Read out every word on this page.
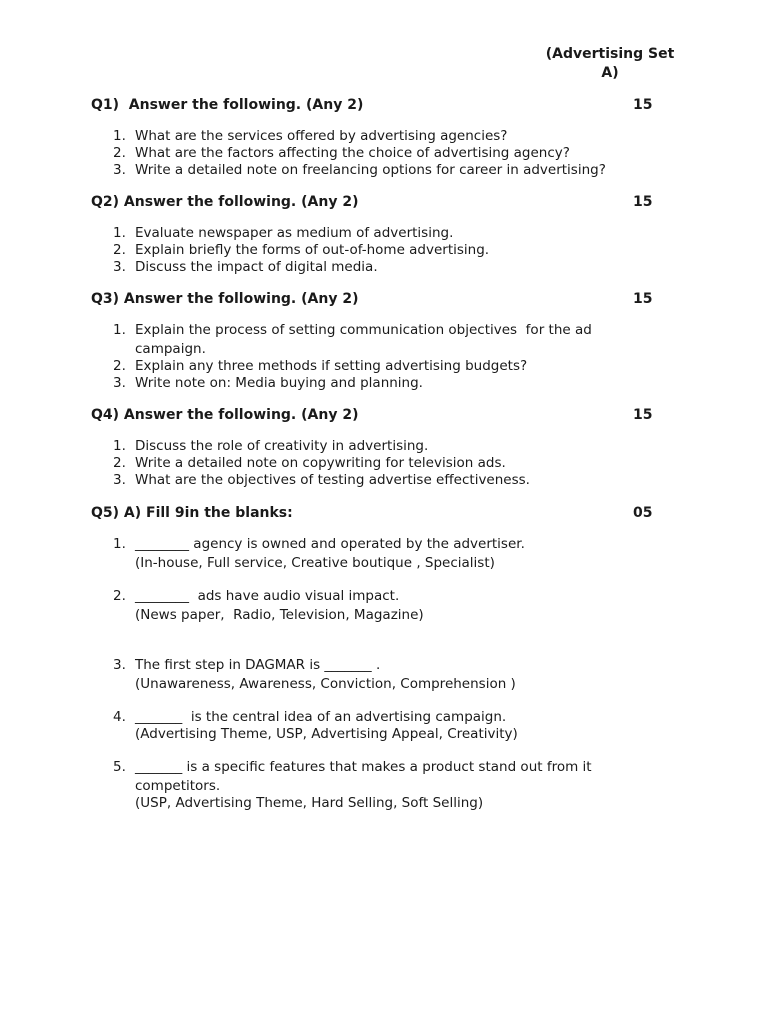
(Advertising Set
A)
Q1)  Answer the following. (Any 2)	15
1. What are the services offered by advertising agencies?
2. What are the factors affecting the choice of advertising agency?
3. Write a detailed note on freelancing options for career in advertising?
Q2) Answer the following. (Any 2)	15
1. Evaluate newspaper as medium of advertising.
2. Explain briefly the forms of out-of-home advertising.
3. Discuss the impact of digital media.
Q3) Answer the following. (Any 2)	15
1. Explain the process of setting communication objectives  for the ad
campaign.
2. Explain any three methods if setting advertising budgets?
3. Write note on: Media buying and planning.
Q4) Answer the following. (Any 2)	15
1. Discuss the role of creativity in advertising.
2. Write a detailed note on copywriting for television ads.
3. What are the objectives of testing advertise effectiveness.
Q5) A) Fill 9in the blanks:	05
1. ________ agency is owned and operated by the advertiser.
(In-house, Full service, Creative boutique , Specialist)
2. ________  ads have audio visual impact.
(News paper,  Radio, Television, Magazine)
3. The first step in DAGMAR is _______ .
(Unawareness, Awareness, Conviction, Comprehension )
4. _______  is the central idea of an advertising campaign.
(Advertising Theme, USP, Advertising Appeal, Creativity)
5. _______ is a specific features that makes a product stand out from it
competitors.
(USP, Advertising Theme, Hard Selling, Soft Selling)
